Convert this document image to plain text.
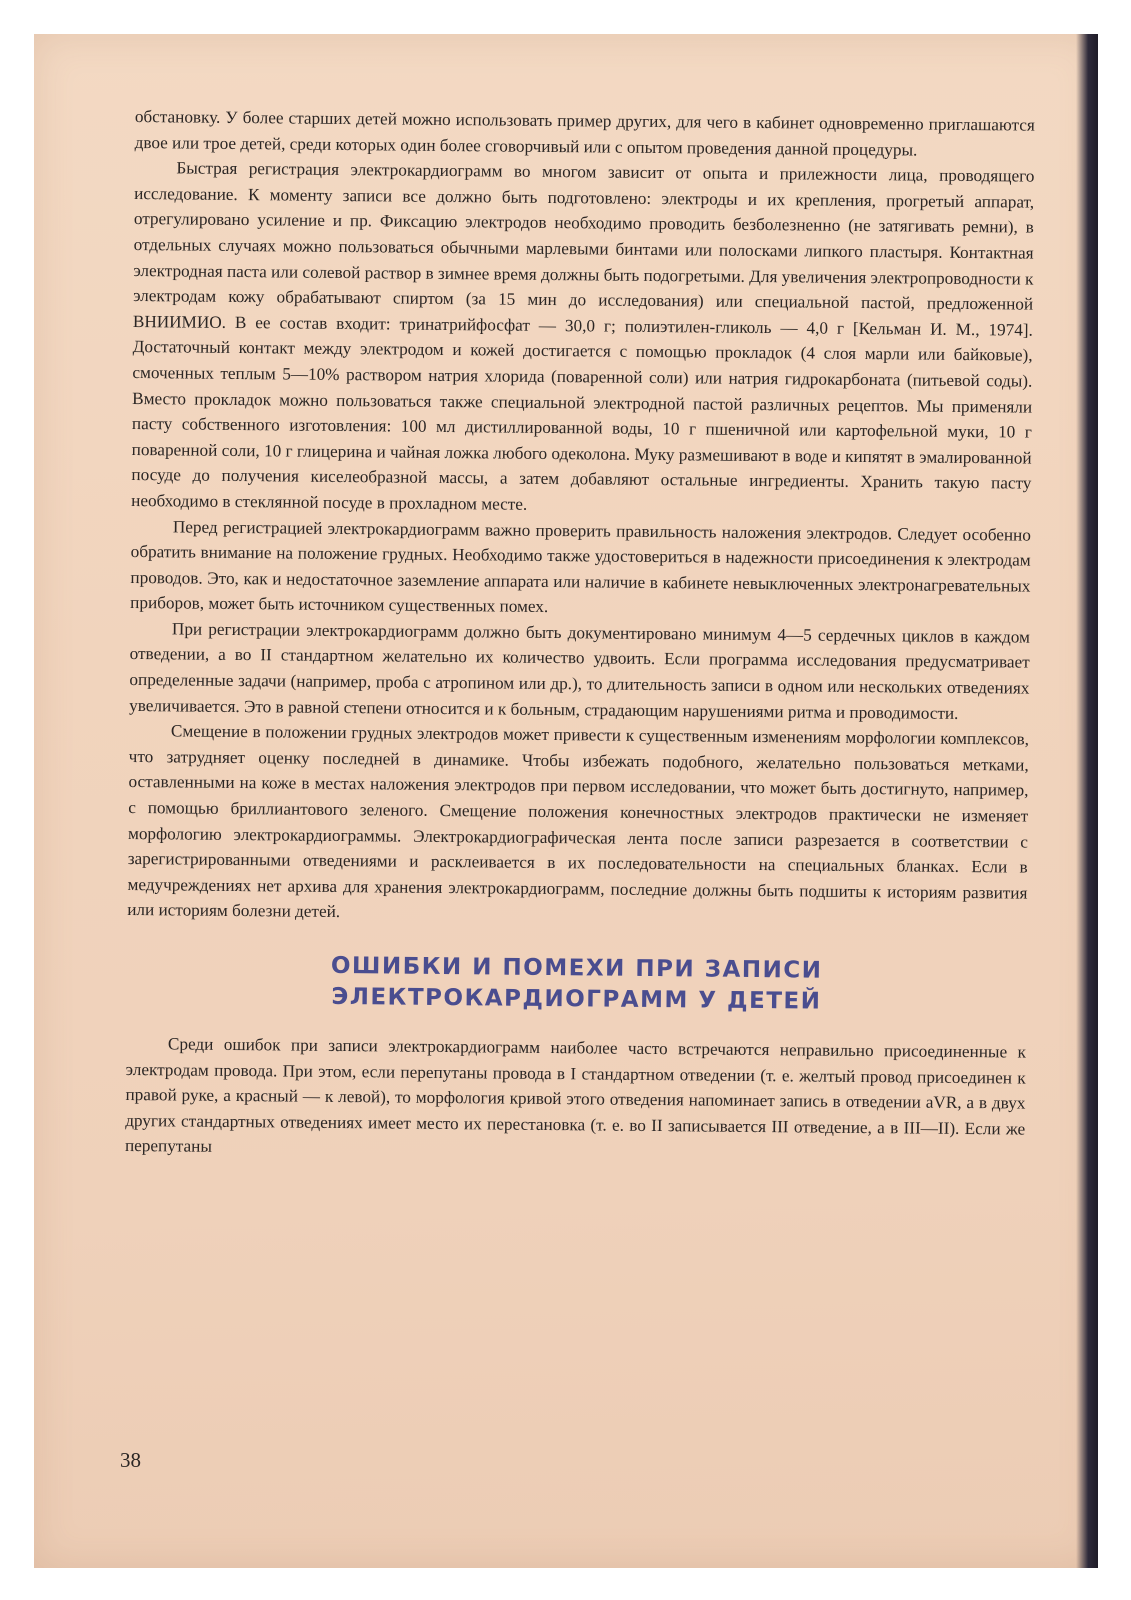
обстановку. У более старших детей можно использовать пример других, для чего в кабинет одновременно приглашаются двое или трое детей, среди которых один более сговорчивый или с опытом проведения данной процедуры.

Быстрая регистрация электрокардиограмм во многом зависит от опыта и прилежности лица, проводящего исследование. К моменту записи все должно быть подготовлено: электроды и их крепления, прогретый аппарат, отрегулировано усиление и пр. Фиксацию электродов необходимо проводить безболезненно (не затягивать ремни), в отдельных случаях можно пользоваться обычными марлевыми бинтами или полосками липкого пластыря. Контактная электродная паста или солевой раствор в зимнее время должны быть подогретыми. Для увеличения электропроводности к электродам кожу обрабатывают спиртом (за 15 мин до исследования) или специальной пастой, предложенной ВНИИМИО. В ее состав входит: тринатрийфосфат — 30,0 г; полиэтилен-гликоль — 4,0 г [Кельман И. М., 1974]. Достаточный контакт между электродом и кожей достигается с помощью прокладок (4 слоя марли или байковые), смоченных теплым 5—10% раствором натрия хлорида (поваренной соли) или натрия гидрокарбоната (питьевой соды). Вместо прокладок можно пользоваться также специальной электродной пастой различных рецептов. Мы применяли пасту собственного изготовления: 100 мл дистиллированной воды, 10 г пшеничной или картофельной муки, 10 г поваренной соли, 10 г глицерина и чайная ложка любого одеколона. Муку размешивают в воде и кипятят в эмалированной посуде до получения киселеобразной массы, а затем добавляют остальные ингредиенты. Хранить такую пасту необходимо в стеклянной посуде в прохладном месте.

Перед регистрацией электрокардиограмм важно проверить правильность наложения электродов. Следует особенно обратить внимание на положение грудных. Необходимо также удостовериться в надежности присоединения к электродам проводов. Это, как и недостаточное заземление аппарата или наличие в кабинете невыключенных электронагревательных приборов, может быть источником существенных помех.

При регистрации электрокардиограмм должно быть документировано минимум 4—5 сердечных циклов в каждом отведении, а во II стандартном желательно их количество удвоить. Если программа исследования предусматривает определенные задачи (например, проба с атропином или др.), то длительность записи в одном или нескольких отведениях увеличивается. Это в равной степени относится и к больным, страдающим нарушениями ритма и проводимости.

Смещение в положении грудных электродов может привести к существенным изменениям морфологии комплексов, что затрудняет оценку последней в динамике. Чтобы избежать подобного, желательно пользоваться метками, оставленными на коже в местах наложения электродов при первом исследовании, что может быть достигнуто, например, с помощью бриллиантового зеленого. Смещение положения конечностных электродов практически не изменяет морфологию электрокардиограммы. Электрокардиографическая лента после записи разрезается в соответствии с зарегистрированными отведениями и расклеивается в их последовательности на специальных бланках. Если в медучреждениях нет архива для хранения электрокардиограмм, последние должны быть подшиты к историям развития или историям болезни детей.

ОШИБКИ И ПОМЕХИ ПРИ ЗАПИСИ
ЭЛЕКТРОКАРДИОГРАММ У ДЕТЕЙ

Среди ошибок при записи электрокардиограмм наиболее часто встречаются неправильно присоединенные к электродам провода. При этом, если перепутаны провода в I стандартном отведении (т. е. желтый провод присоединен к правой руке, а красный — к левой), то морфология кривой этого отведения напоминает запись в отведении aVR, а в двух других стандартных отведениях имеет место их перестановка (т. е. во II записывается III отведение, а в III—II). Если же перепутаны

38
